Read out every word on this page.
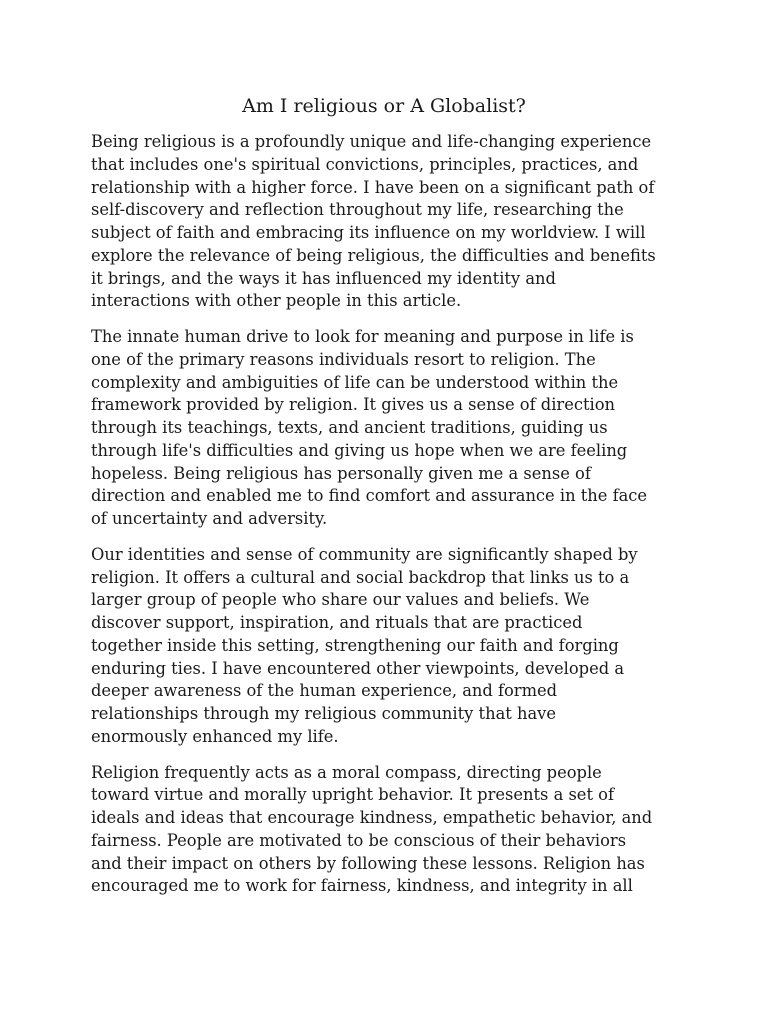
Am I religious or A Globalist?

Being religious is a profoundly unique and life-changing experience
that includes one's spiritual convictions, principles, practices, and
relationship with a higher force. I have been on a significant path of
self-discovery and reflection throughout my life, researching the
subject of faith and embracing its influence on my worldview. I will
explore the relevance of being religious, the difficulties and benefits
it brings, and the ways it has influenced my identity and
interactions with other people in this article.

The innate human drive to look for meaning and purpose in life is
one of the primary reasons individuals resort to religion. The
complexity and ambiguities of life can be understood within the
framework provided by religion. It gives us a sense of direction
through its teachings, texts, and ancient traditions, guiding us
through life's difficulties and giving us hope when we are feeling
hopeless. Being religious has personally given me a sense of
direction and enabled me to find comfort and assurance in the face
of uncertainty and adversity.

Our identities and sense of community are significantly shaped by
religion. It offers a cultural and social backdrop that links us to a
larger group of people who share our values and beliefs. We
discover support, inspiration, and rituals that are practiced
together inside this setting, strengthening our faith and forging
enduring ties. I have encountered other viewpoints, developed a
deeper awareness of the human experience, and formed
relationships through my religious community that have
enormously enhanced my life.

Religion frequently acts as a moral compass, directing people
toward virtue and morally upright behavior. It presents a set of
ideals and ideas that encourage kindness, empathetic behavior, and
fairness. People are motivated to be conscious of their behaviors
and their impact on others by following these lessons. Religion has
encouraged me to work for fairness, kindness, and integrity in all
